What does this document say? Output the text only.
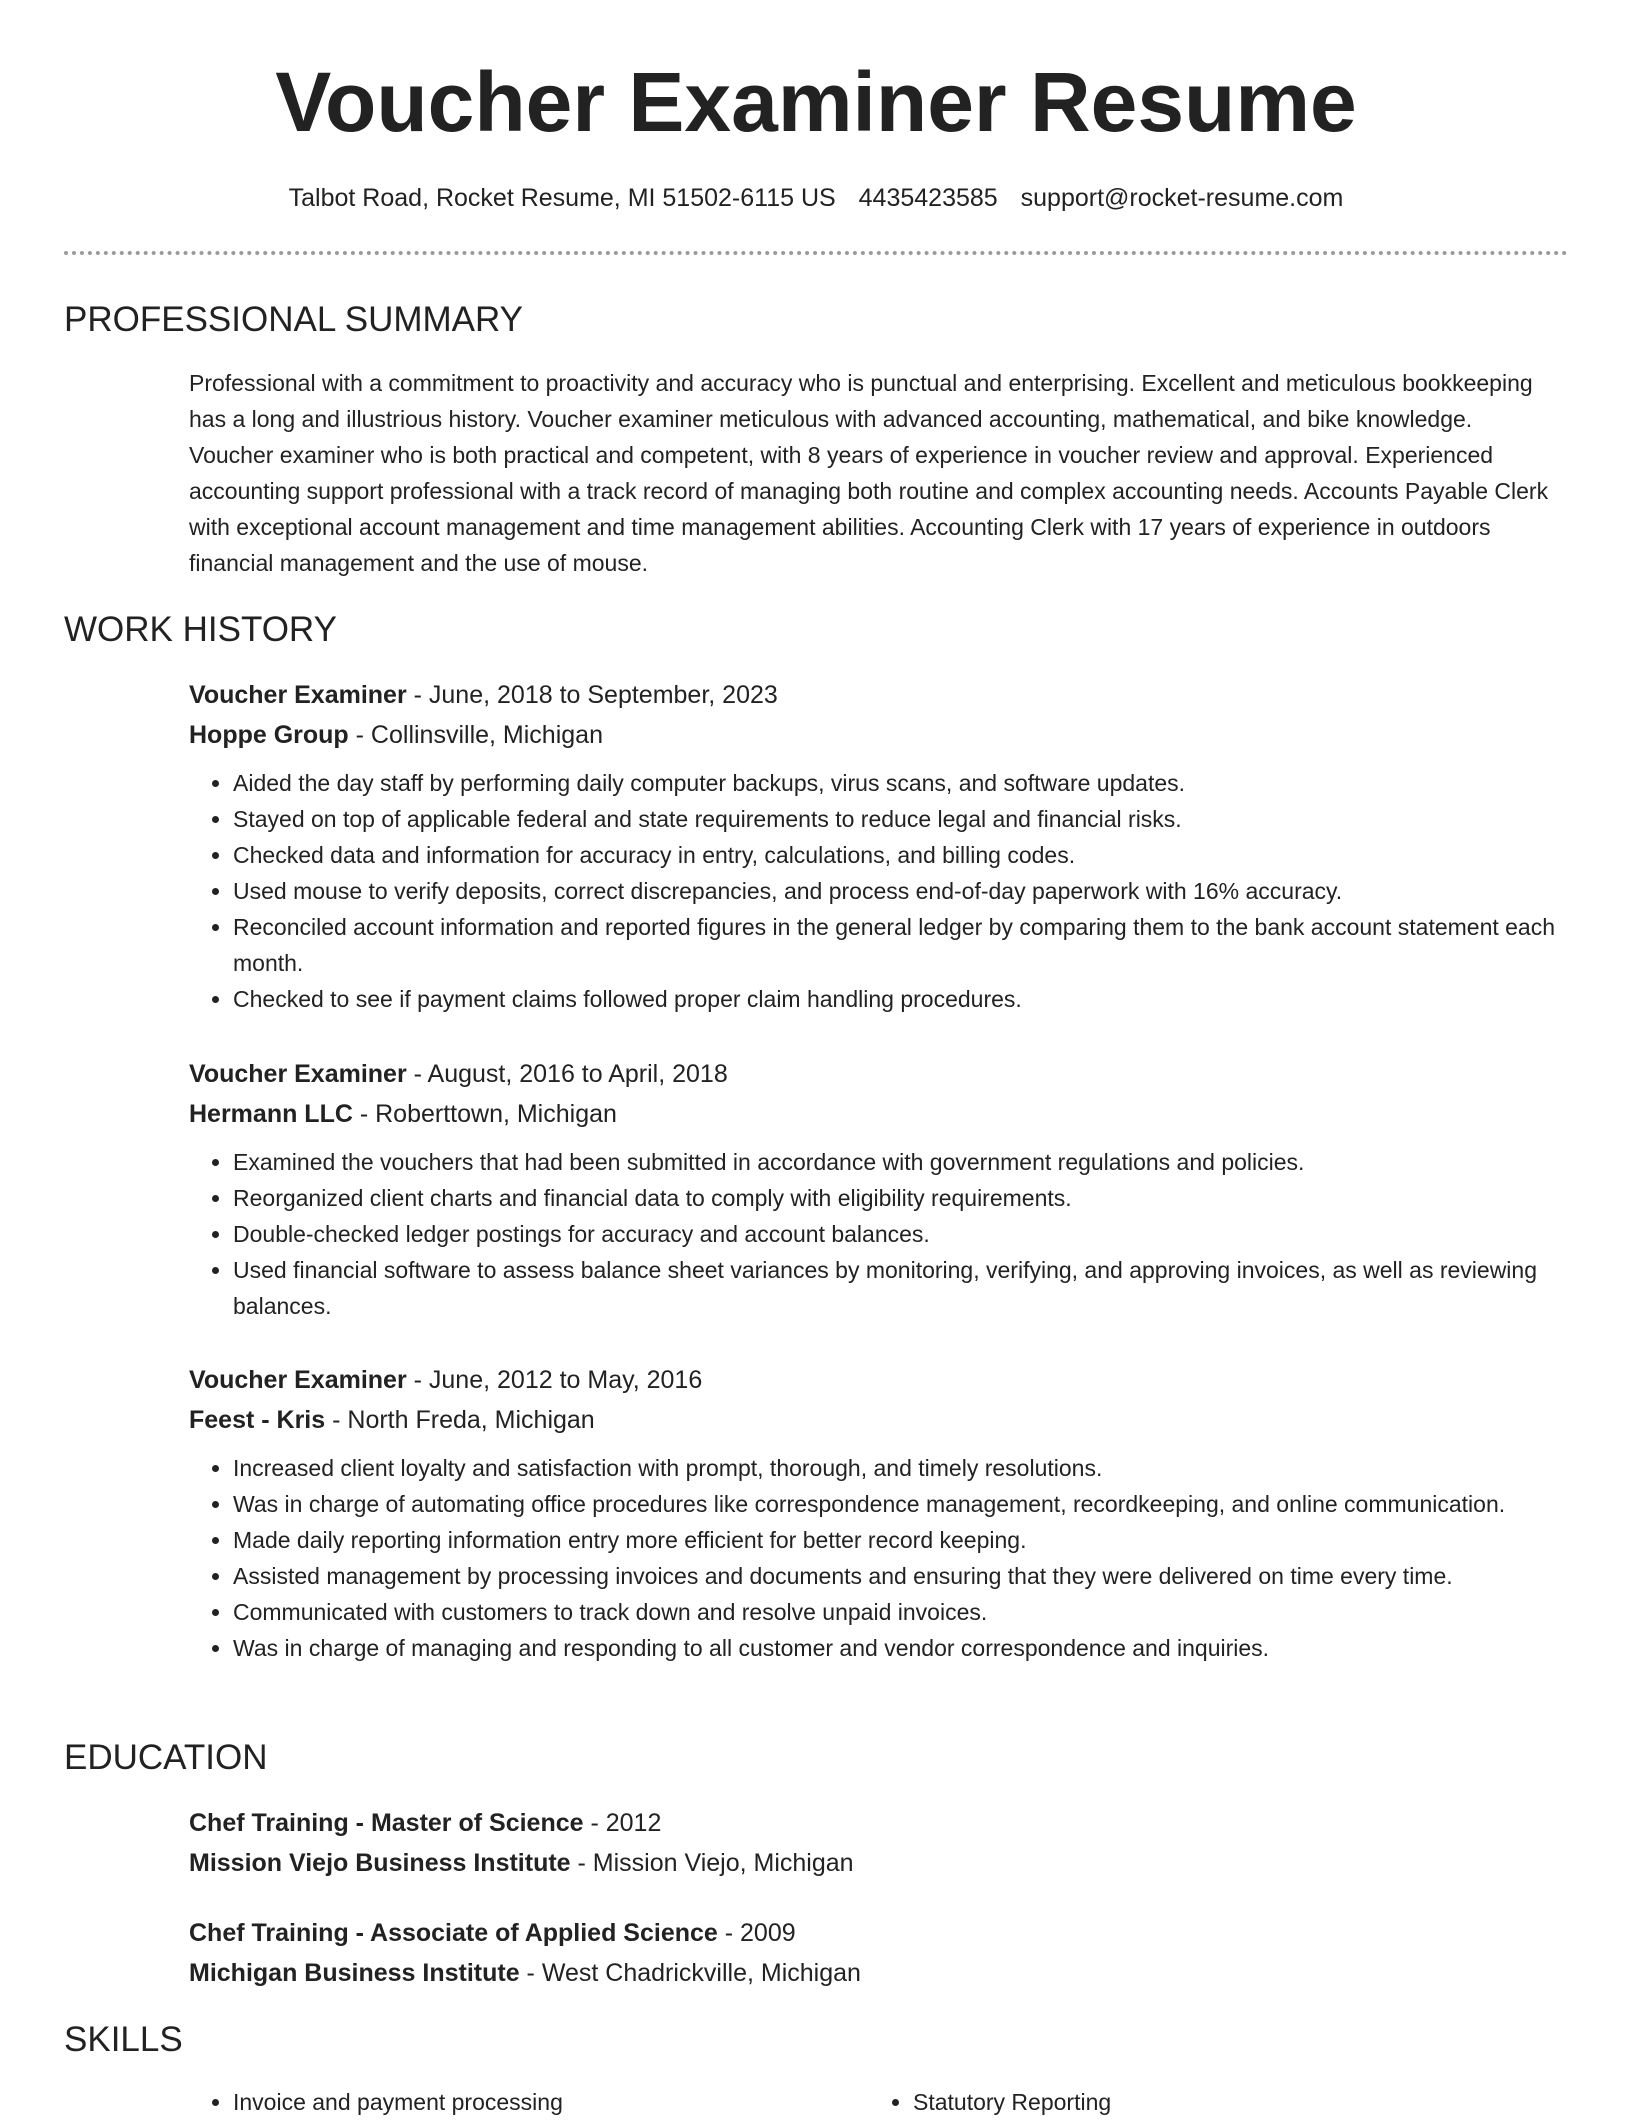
Voucher Examiner Resume
Talbot Road, Rocket Resume, MI 51502-6115 US 4435423585 support@rocket-resume.com
PROFESSIONAL SUMMARY

Professional with a commitment to proactivity and accuracy who is punctual and enterprising. Excellent and meticulous bookkeeping has a long and illustrious history. Voucher examiner meticulous with advanced accounting, mathematical, and bike knowledge. Voucher examiner who is both practical and competent, with 8 years of experience in voucher review and approval. Experienced accounting support professional with a track record of managing both routine and complex accounting needs. Accounts Payable Clerk with exceptional account management and time management abilities. Accounting Clerk with 17 years of experience in outdoors financial management and the use of mouse.

WORK HISTORY
Voucher Examiner - June, 2018 to September, 2023
Hoppe Group - Collinsville, Michigan
• Aided the day staff by performing daily computer backups, virus scans, and software updates.
• Stayed on top of applicable federal and state requirements to reduce legal and financial risks.
• Checked data and information for accuracy in entry, calculations, and billing codes.
• Used mouse to verify deposits, correct discrepancies, and process end-of-day paperwork with 16% accuracy.
• Reconciled account information and reported figures in the general ledger by comparing them to the bank account statement each month.
• Checked to see if payment claims followed proper claim handling procedures.
Voucher Examiner - August, 2016 to April, 2018
Hermann LLC - Roberttown, Michigan
• Examined the vouchers that had been submitted in accordance with government regulations and policies.
• Reorganized client charts and financial data to comply with eligibility requirements.
• Double-checked ledger postings for accuracy and account balances.
• Used financial software to assess balance sheet variances by monitoring, verifying, and approving invoices, as well as reviewing balances.
Voucher Examiner - June, 2012 to May, 2016
Feest - Kris - North Freda, Michigan
• Increased client loyalty and satisfaction with prompt, thorough, and timely resolutions.
• Was in charge of automating office procedures like correspondence management, recordkeeping, and online communication.
• Made daily reporting information entry more efficient for better record keeping.
• Assisted management by processing invoices and documents and ensuring that they were delivered on time every time.
• Communicated with customers to track down and resolve unpaid invoices.
• Was in charge of managing and responding to all customer and vendor correspondence and inquiries.
EDUCATION
Chef Training - Master of Science - 2012
Mission Viejo Business Institute - Mission Viejo, Michigan
Chef Training - Associate of Applied Science - 2009
Michigan Business Institute - West Chadrickville, Michigan
SKILLS
• Invoice and payment processing
•	Statutory Reporting
